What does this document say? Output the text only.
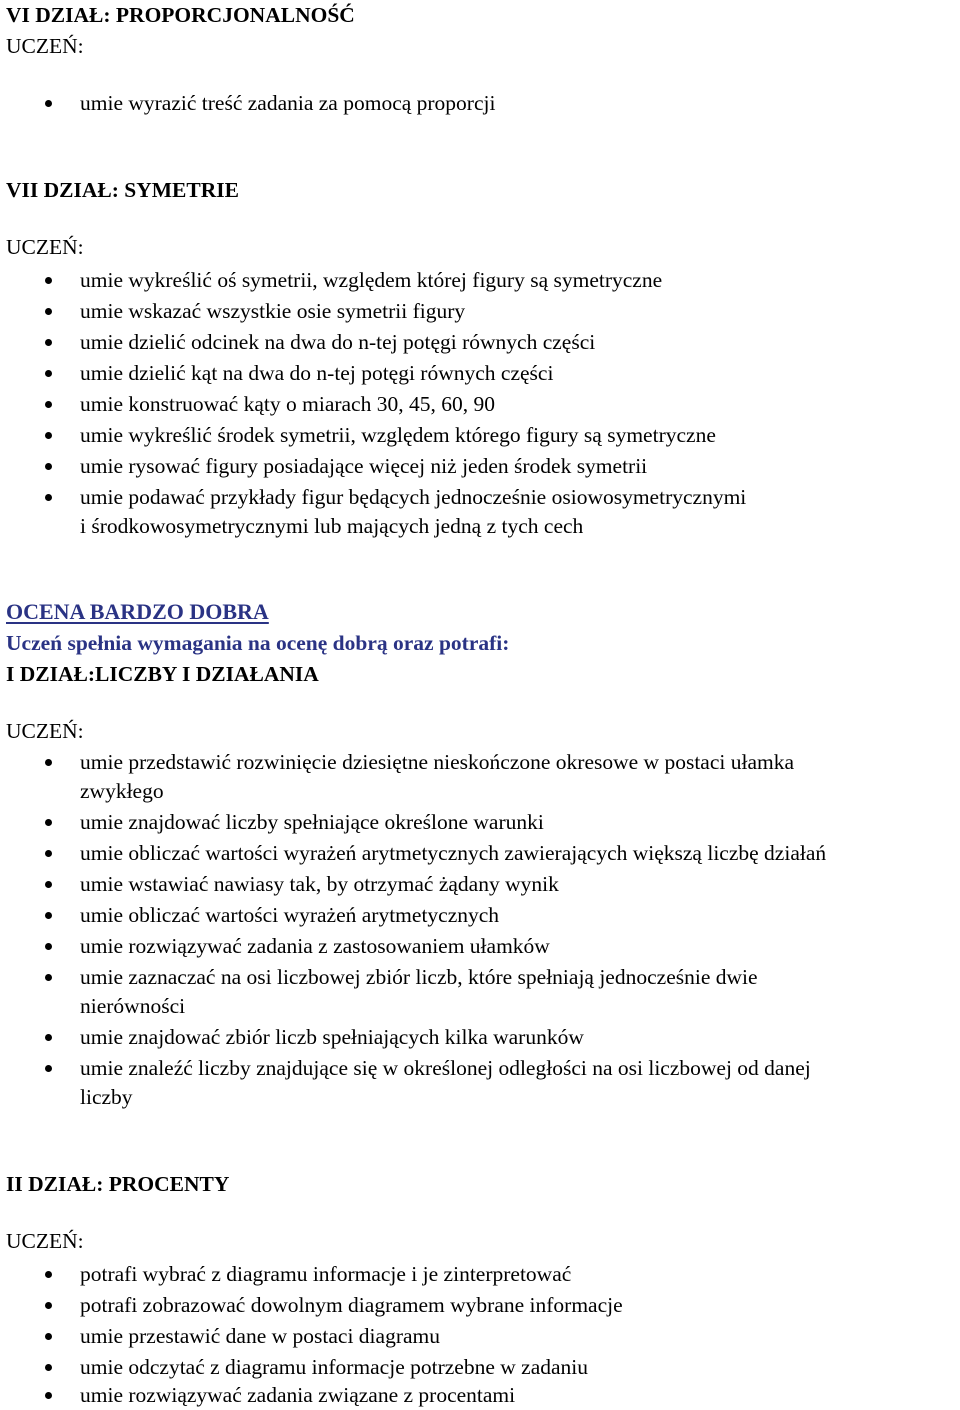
VI DZIAŁ: PROPORCJONALNOŚĆ
UCZEŃ:
umie wyrazić treść zadania za pomocą proporcji
VII DZIAŁ: SYMETRIE
UCZEŃ:
umie wykreślić oś symetrii, względem której figury są symetryczne
umie wskazać wszystkie osie symetrii figury
umie dzielić odcinek na dwa do n-tej potęgi równych części
umie dzielić kąt na dwa do n-tej potęgi równych części
umie konstruować kąty o miarach 30, 45, 60, 90
umie wykreślić środek symetrii, względem którego figury są symetryczne
umie rysować figury posiadające więcej niż jeden środek symetrii
umie podawać przykłady figur będących jednocześnie osiowosymetrycznymi
i środkowosymetrycznymi lub mających jedną z tych cech
OCENA BARDZO DOBRA
Uczeń spełnia wymagania na ocenę dobrą oraz potrafi:
I DZIAŁ:LICZBY I DZIAŁANIA
UCZEŃ:
umie przedstawić rozwinięcie dziesiętne nieskończone okresowe w postaci ułamka
zwykłego
umie znajdować liczby spełniające określone warunki
umie obliczać wartości wyrażeń arytmetycznych zawierających większą liczbę działań
umie wstawiać nawiasy tak, by otrzymać żądany wynik
umie obliczać wartości wyrażeń arytmetycznych
umie rozwiązywać zadania z zastosowaniem ułamków
umie zaznaczać na osi liczbowej zbiór liczb, które spełniają jednocześnie dwie
nierówności
umie znajdować zbiór liczb spełniających kilka warunków
umie znaleźć liczby znajdujące się w określonej odległości na osi liczbowej od danej
liczby
II DZIAŁ: PROCENTY
UCZEŃ:
potrafi wybrać z diagramu informacje i je zinterpretować
potrafi zobrazować dowolnym diagramem wybrane informacje
umie przestawić dane w postaci diagramu
umie odczytać z diagramu informacje potrzebne w zadaniu
umie rozwiązywać zadania związane z procentami
